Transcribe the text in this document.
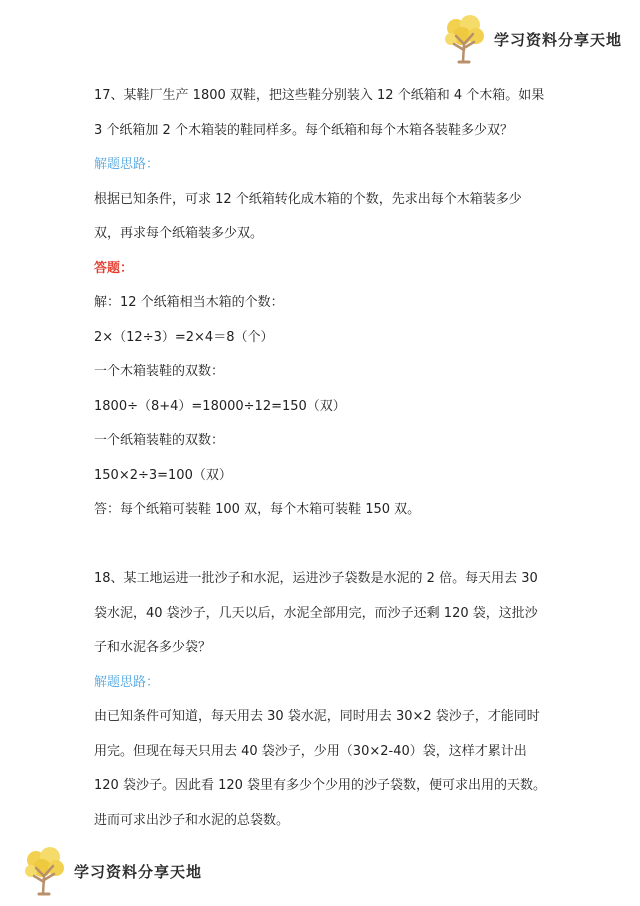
学习资料分享天地
17、某鞋厂生产 1800 双鞋，把这些鞋分别装入 12 个纸箱和 4 个木箱。如果
3 个纸箱加 2 个木箱装的鞋同样多。每个纸箱和每个木箱各装鞋多少双？
解题思路：
根据已知条件，可求 12 个纸箱转化成木箱的个数，先求出每个木箱装多少
双，再求每个纸箱装多少双。
答题：
解：12 个纸箱相当木箱的个数：
2×（12÷3）=2×4＝8（个）
一个木箱装鞋的双数：
1800÷（8+4）=18000÷12=150（双）
一个纸箱装鞋的双数：
150×2÷3=100（双）
答：每个纸箱可装鞋 100 双，每个木箱可装鞋 150 双。
18、某工地运进一批沙子和水泥，运进沙子袋数是水泥的 2 倍。每天用去 30
袋水泥，40 袋沙子，几天以后，水泥全部用完，而沙子还剩 120 袋，这批沙
子和水泥各多少袋？
解题思路：
由已知条件可知道，每天用去 30 袋水泥，同时用去 30×2 袋沙子，才能同时
用完。但现在每天只用去 40 袋沙子，少用（30×2-40）袋，这样才累计出
120 袋沙子。因此看 120 袋里有多少个少用的沙子袋数，便可求出用的天数。
进而可求出沙子和水泥的总袋数。
学习资料分享天地
